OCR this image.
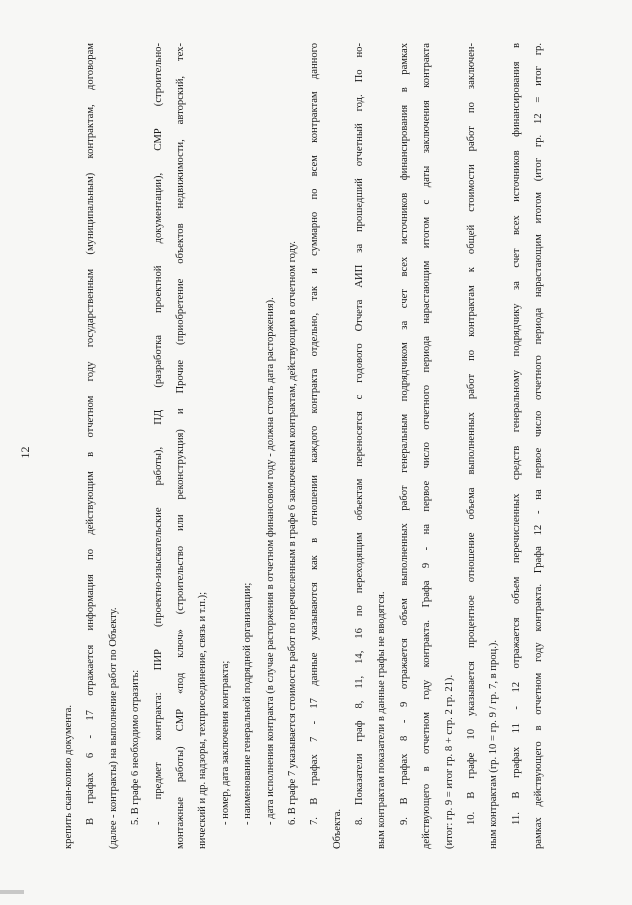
12
крепить скан-копию документа.	В графах 6 - 17 отражается информация по действующим в отчетном году государственным (муниципальным) контрактам, договорам	(далее - контракты) на выполнение работ по Объекту.	5. В графе 6 необходимо отразить:	- предмет контракта: ПИР (проектно-изыскательские работы), ПД (разработка проектной документации), СМР (строительно-	монтажные работы) СМР «под ключ» (строительство или реконструкция) и Прочие (приобретение объектов недвижимости, авторский, тех-	нический и др. надзоры, техприсоединение, связь и т.п.);	- номер, дата заключения контракта;	- наименование генеральной подрядной организации;	- дата исполнения контракта (в случае расторжения в отчетном финансовом году - должна стоять дата расторжения).	6. В графе 7 указывается стоимость работ по перечисленным в графе 6 заключенным контрактам, действующим в отчетном году.	7. В графах 7 - 17 данные указываются как в отношении каждого контракта отдельно, так и суммарно по всем контрактам данного
Объекта.
8. Показатели граф 8, 11, 14, 16 по переходящим объектам переносятся с годового Отчета АИП за прошедший отчетный год. По но-	вым контрактам показатели в данные графы не вводятся.	9. В графах 8 - 9 отражается объем выполненных работ генеральным подрядчиком за счет всех источников финансирования в рамках	действующего в отчетном году контракта. Графа 9 - на первое число отчетного периода нарастающим итогом с даты заключения контракта	(итог: гр. 9 = итог гр. 8 + стр. 2 гр. 21).	10. В графе 10 указывается процентное отношение объема выполненных работ по контрактам к общей стоимости работ по заключен-	ным контрактам (гр. 10 = гр. 9 / гр. 7, в проц.).	11. В графах 11 - 12 отражается объем перечисленных средств генеральному подрядчику за счет всех источников финансирования в	рамках действующего в отчетном году контракта. Графа 12 - на первое число отчетного периода нарастающим итогом (итог гр. 12 = итог гр.
